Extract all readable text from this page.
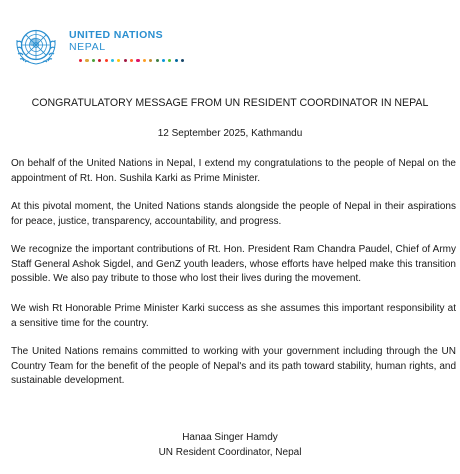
UNITED NATIONS
NEPAL
CONGRATULATORY MESSAGE FROM UN RESIDENT COORDINATOR IN NEPAL
12 September 2025, Kathmandu

On behalf of the United Nations in Nepal, I extend my congratulations to the people of Nepal on the appointment of Rt. Hon. Sushila Karki as Prime Minister.

At this pivotal moment, the United Nations stands alongside the people of Nepal in their aspirations for peace, justice, transparency, accountability, and progress.

We recognize the important contributions of Rt. Hon. President Ram Chandra Paudel, Chief of Army Staff General Ashok Sigdel, and GenZ youth leaders, whose efforts have helped make this transition possible. We also pay tribute to those who lost their lives during the movement.

We wish Rt Honorable Prime Minister Karki success as she assumes this important responsibility at a sensitive time for the country.

The United Nations remains committed to working with your government including through the UN Country Team for the benefit of the people of Nepal's and its path toward stability, human rights, and sustainable development.

Hanaa Singer Hamdy
UN Resident Coordinator, Nepal
